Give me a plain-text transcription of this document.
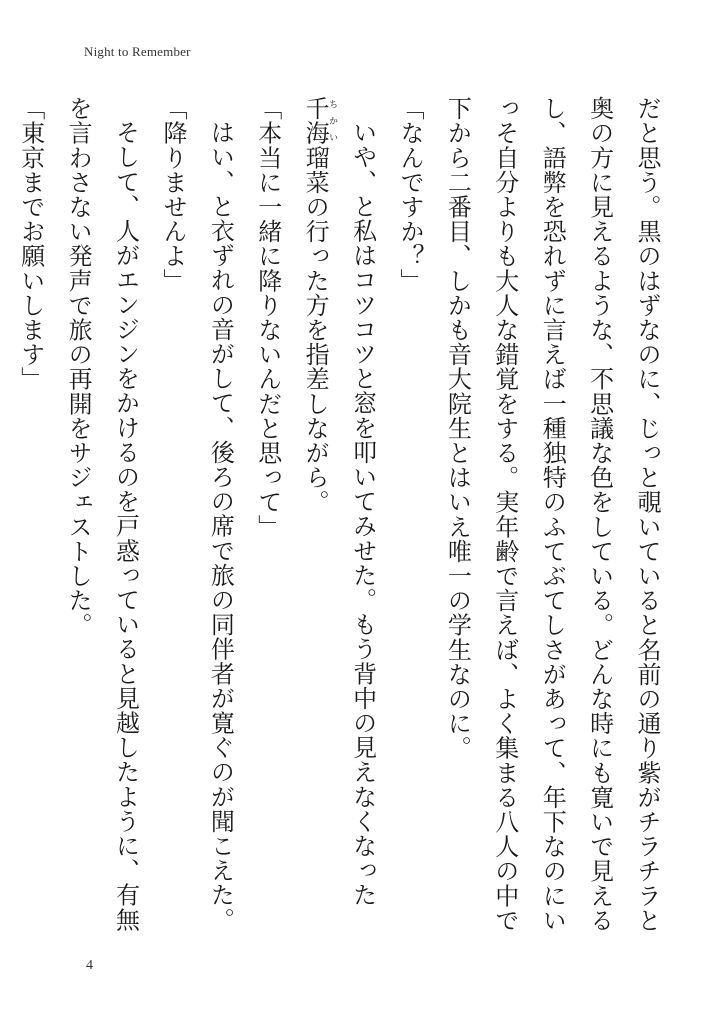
Night to Remember

だと思う。黒のはずなのに、じっと覗いていると名前の通り紫がチラチラと奥の方に見えるような、不思議な色をしている。どんな時にも寛いで見えるし、語弊を恐れずに言えば一種独特のふてぶてしさがあって、年下なのにいっそ自分よりも大人な錯覚をする。実年齢で言えば、よく集まる八人の中で下から二番目、しかも音大院生とはいえ唯一の学生なのに。

「なんですか？」

いや、と私はコツコツと窓を叩いてみせた。もう背中の見えなくなった千海ちかい瑠菜の行った方を指差しながら。

「本当に一緒に降りないんだと思って」

はい、と衣ずれの音がして、後ろの席で旅の同伴者が寛ぐのが聞こえた。

「降りませんよ」

そして、人がエンジンをかけるのを戸惑っていると見越したように、有無を言わさない発声で旅の再開をサジェストした。

「東京までお願いします」

4
